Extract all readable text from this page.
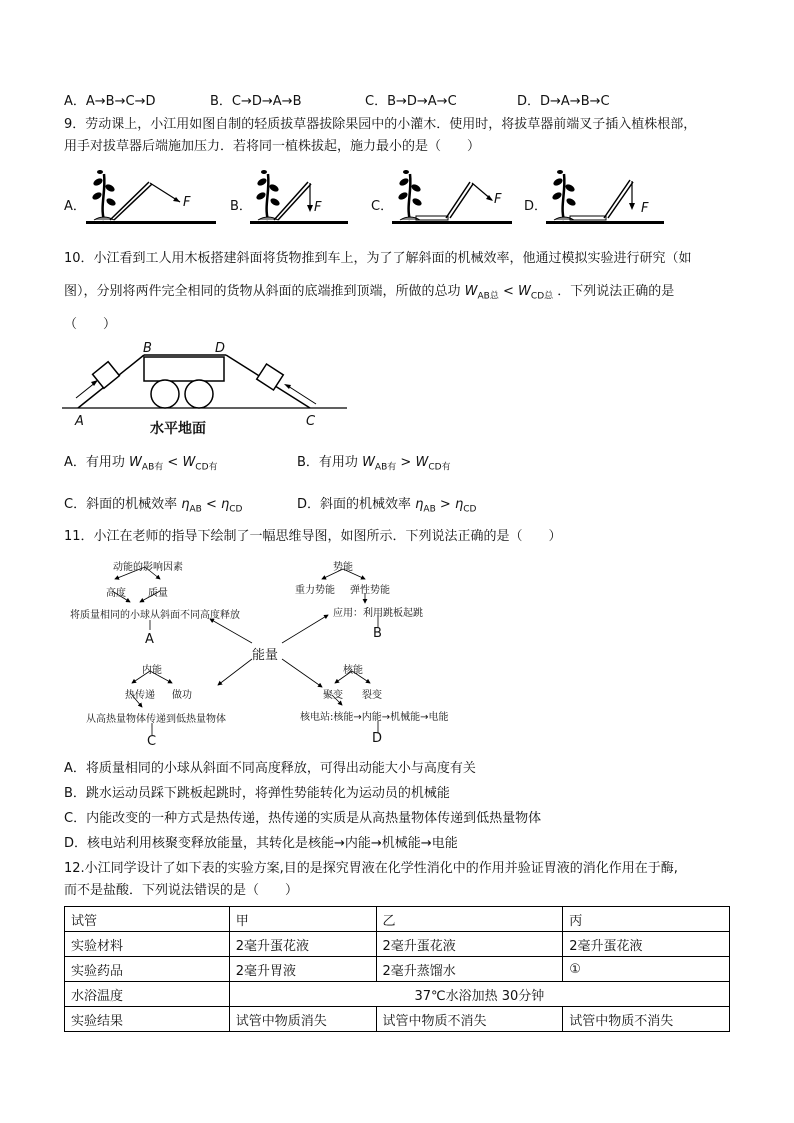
A．A→B→C→D	B．C→D→A→B	C．B→D→A→C	D．D→A→B→C
9．劳动课上，小江用如图自制的轻质拔草器拔除果园中的小灌木．使用时，将拔草器前端叉子插入植株根部，
用手对拔草器后端施加压力．若将同一植株拔起，施力最小的是（　　）
A．	B．	C．	D．
F	F
F
F
10．小江看到工人用木板搭建斜面将货物推到车上，为了了解斜面的机械效率，他通过模拟实验进行研究（如
图），分别将两件完全相同的货物从斜面的底端推到顶端，所做的总功 $W_{AB总} < W_{CD总}$ ．下列说法正确的是
（　　）
A
B	D
C
水平地面
A．有用功 $W_{AB有} < W_{CD有}$	B．有用功 $W_{AB有} > W_{CD有}$
C．斜面的机械效率 $\eta_{AB} < \eta_{CD}$	D．斜面的机械效率 $\eta_{AB} > \eta_{CD}$
11．小江在老师的指导下绘制了一幅思维导图，如图所示．下列说法正确的是（　　）
动能的影响因素
高度 质量
将质量相同的小球从斜面不同高度释放
A
势能
重力势能 弹性势能
应用：利用跳板起跳
B
能量
内能
热传递 做功
从高热量物体传递到低热量物体
C
核能
聚变 裂变
核电站:核能→内能→机械能→电能
D
A．将质量相同的小球从斜面不同高度释放，可得出动能大小与高度有关
B．跳水运动员踩下跳板起跳时，将弹性势能转化为运动员的机械能
C．内能改变的一种方式是热传递，热传递的实质是从高热量物体传递到低热量物体
D．核电站利用核聚变释放能量，其转化是核能→内能→机械能→电能
12.小江同学设计了如下表的实验方案,目的是探究胃液在化学性消化中的作用并验证胃液的消化作用在于酶,
而不是盐酸．下列说法错误的是（　　）
试管	甲	乙	丙
实验材料	2毫升蛋花液	2毫升蛋花液	2毫升蛋花液
实验药品	2毫升胃液	2毫升蒸馏水	①
水浴温度	37℃水浴加热 30分钟		
实验结果	试管中物质消失	试管中物质不消失	试管中物质不消失
